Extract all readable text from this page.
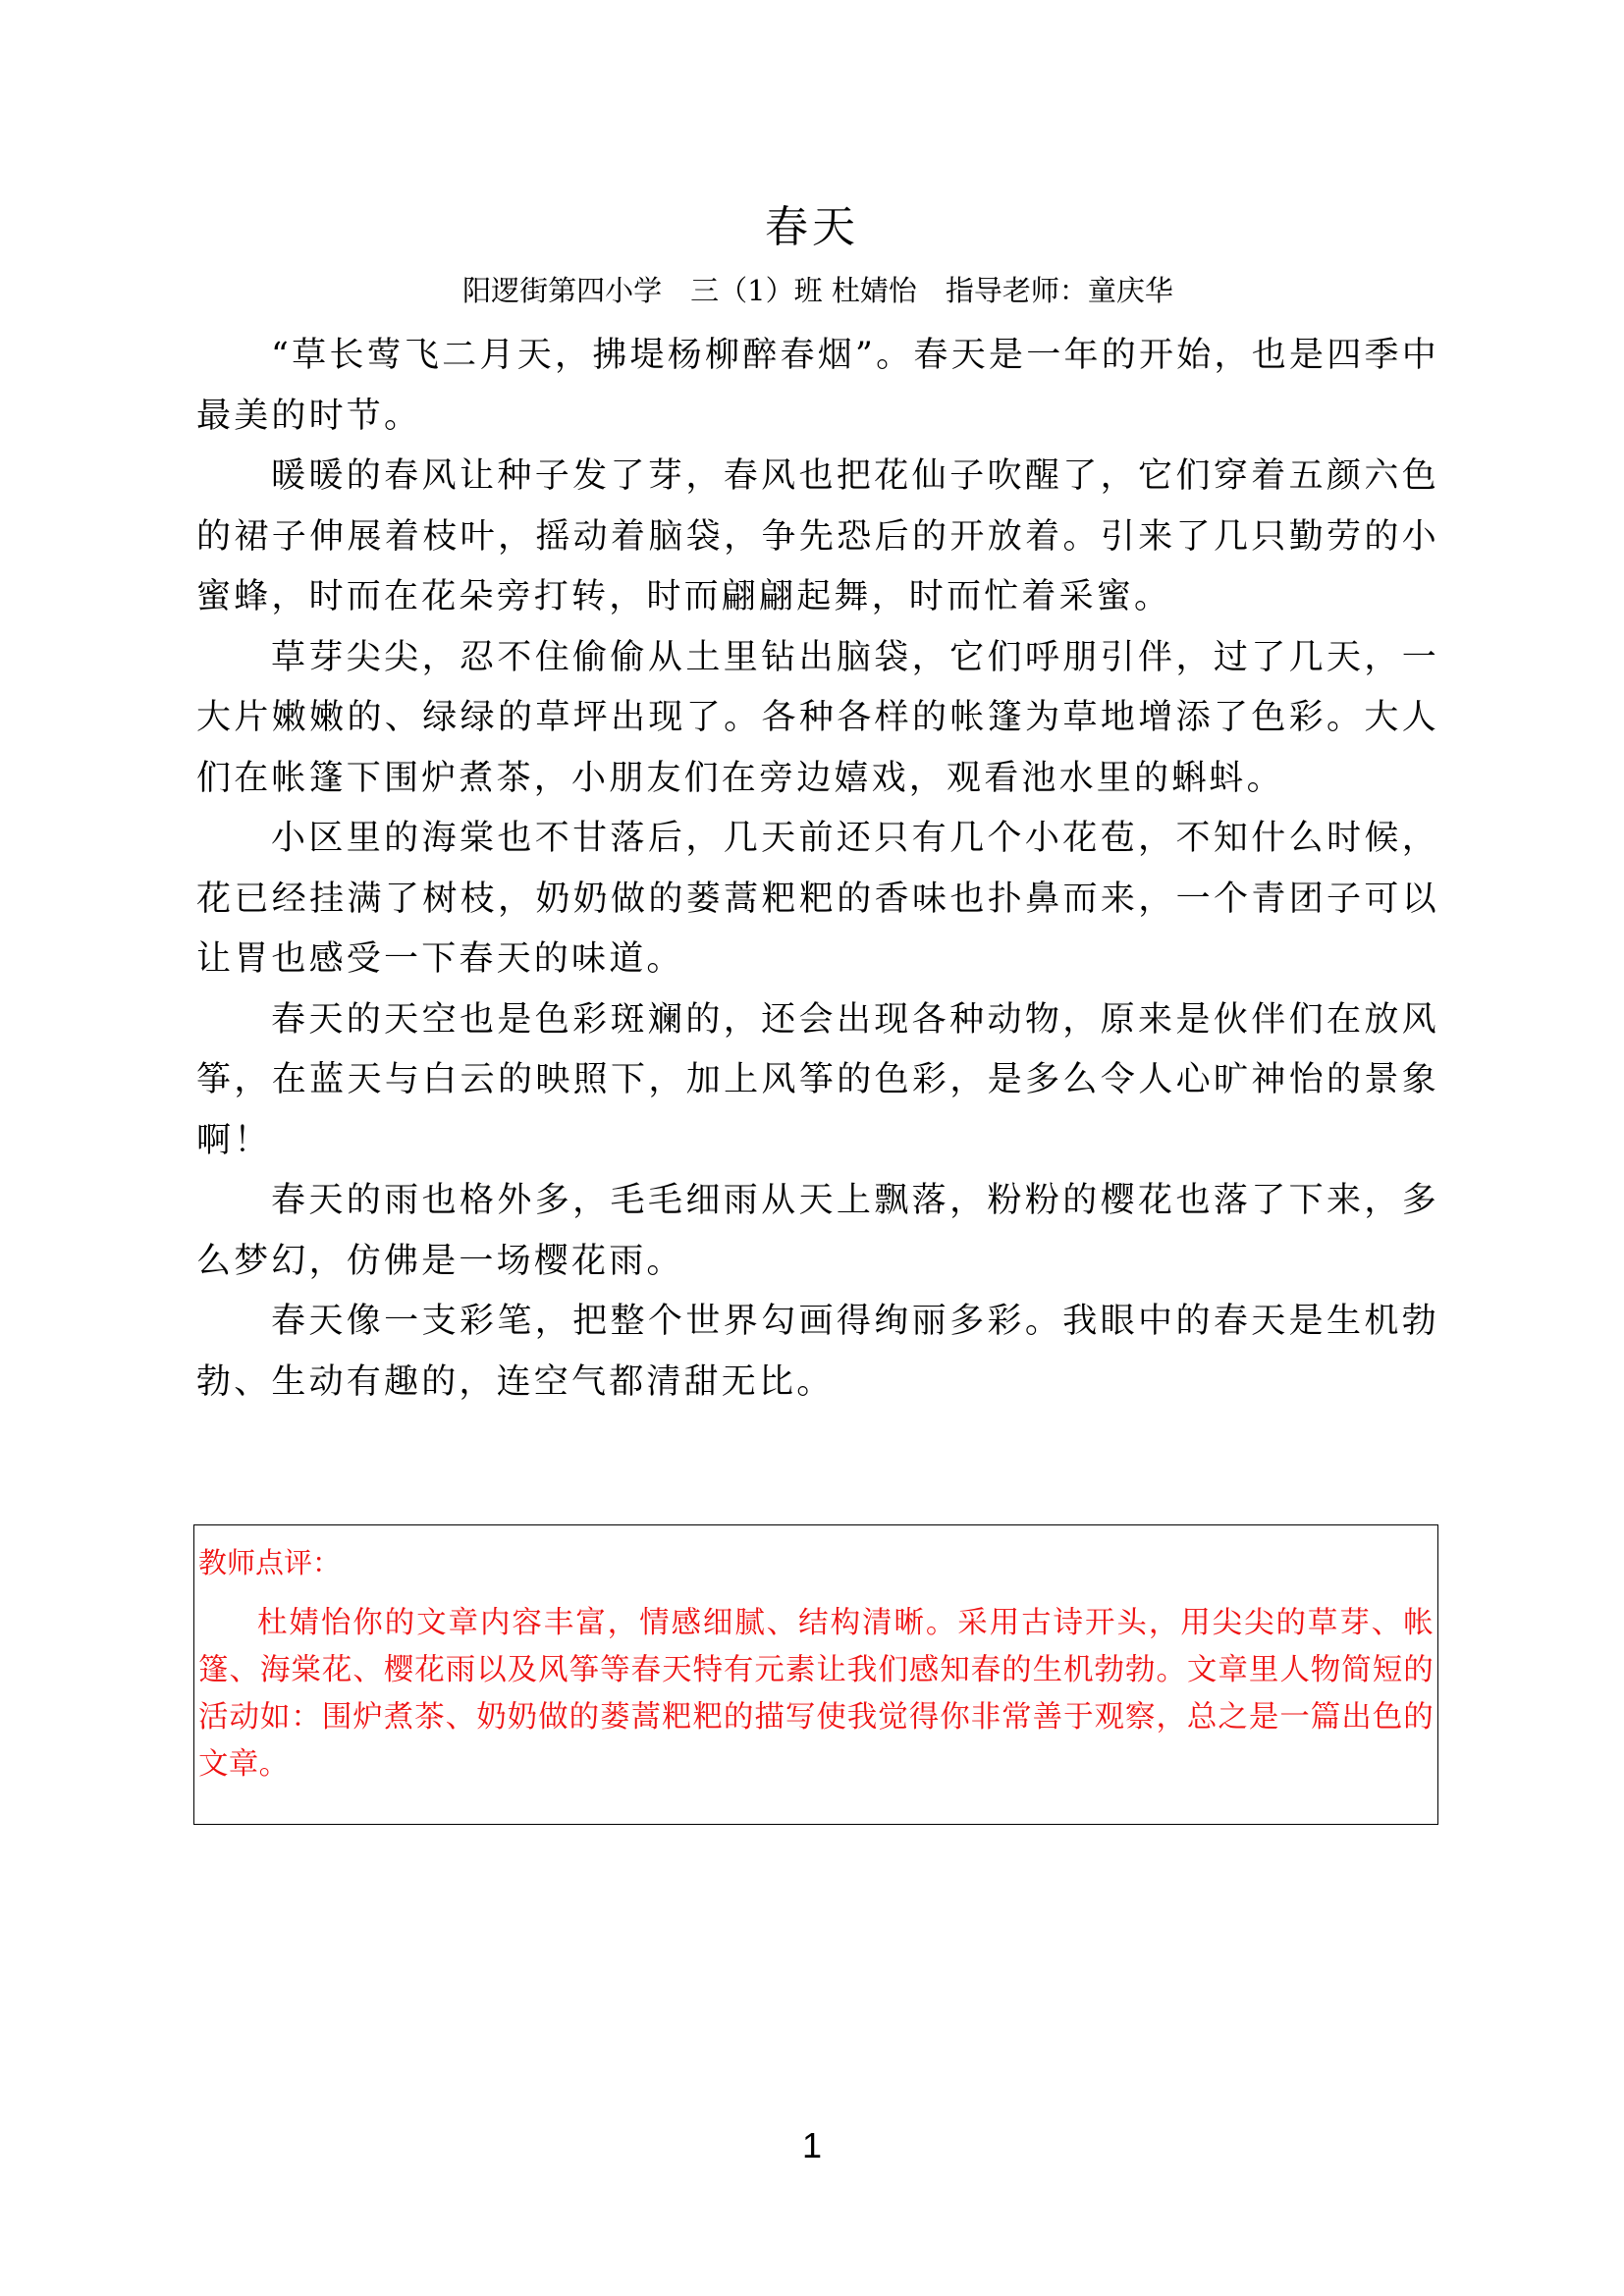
春天
阳逻街第四小学　三（1）班 杜婧怡　指导老师：童庆华

“草长莺飞二月天，拂堤杨柳醉春烟”。春天是一年的开始，也是四季中最美的时节。

暖暖的春风让种子发了芽，春风也把花仙子吹醒了，它们穿着五颜六色的裙子伸展着枝叶，摇动着脑袋，争先恐后的开放着。引来了几只勤劳的小蜜蜂，时而在花朵旁打转，时而翩翩起舞，时而忙着采蜜。

草芽尖尖，忍不住偷偷从土里钻出脑袋，它们呼朋引伴，过了几天，一大片嫩嫩的、绿绿的草坪出现了。各种各样的帐篷为草地增添了色彩。大人们在帐篷下围炉煮茶，小朋友们在旁边嬉戏，观看池水里的蝌蚪。

小区里的海棠也不甘落后，几天前还只有几个小花苞，不知什么时候，花已经挂满了树枝，奶奶做的蒌蒿粑粑的香味也扑鼻而来，一个青团子可以让胃也感受一下春天的味道。

春天的天空也是色彩斑斓的，还会出现各种动物，原来是伙伴们在放风筝，在蓝天与白云的映照下，加上风筝的色彩，是多么令人心旷神怡的景象啊！

春天的雨也格外多，毛毛细雨从天上飘落，粉粉的樱花也落了下来，多么梦幻，仿佛是一场樱花雨。

春天像一支彩笔，把整个世界勾画得绚丽多彩。我眼中的春天是生机勃勃、生动有趣的，连空气都清甜无比。

教师点评：

杜婧怡你的文章内容丰富，情感细腻、结构清晰。采用古诗开头，用尖尖的草芽、帐篷、海棠花、樱花雨以及风筝等春天特有元素让我们感知春的生机勃勃。文章里人物简短的活动如：围炉煮茶、奶奶做的蒌蒿粑粑的描写使我觉得你非常善于观察，总之是一篇出色的文章。

1
